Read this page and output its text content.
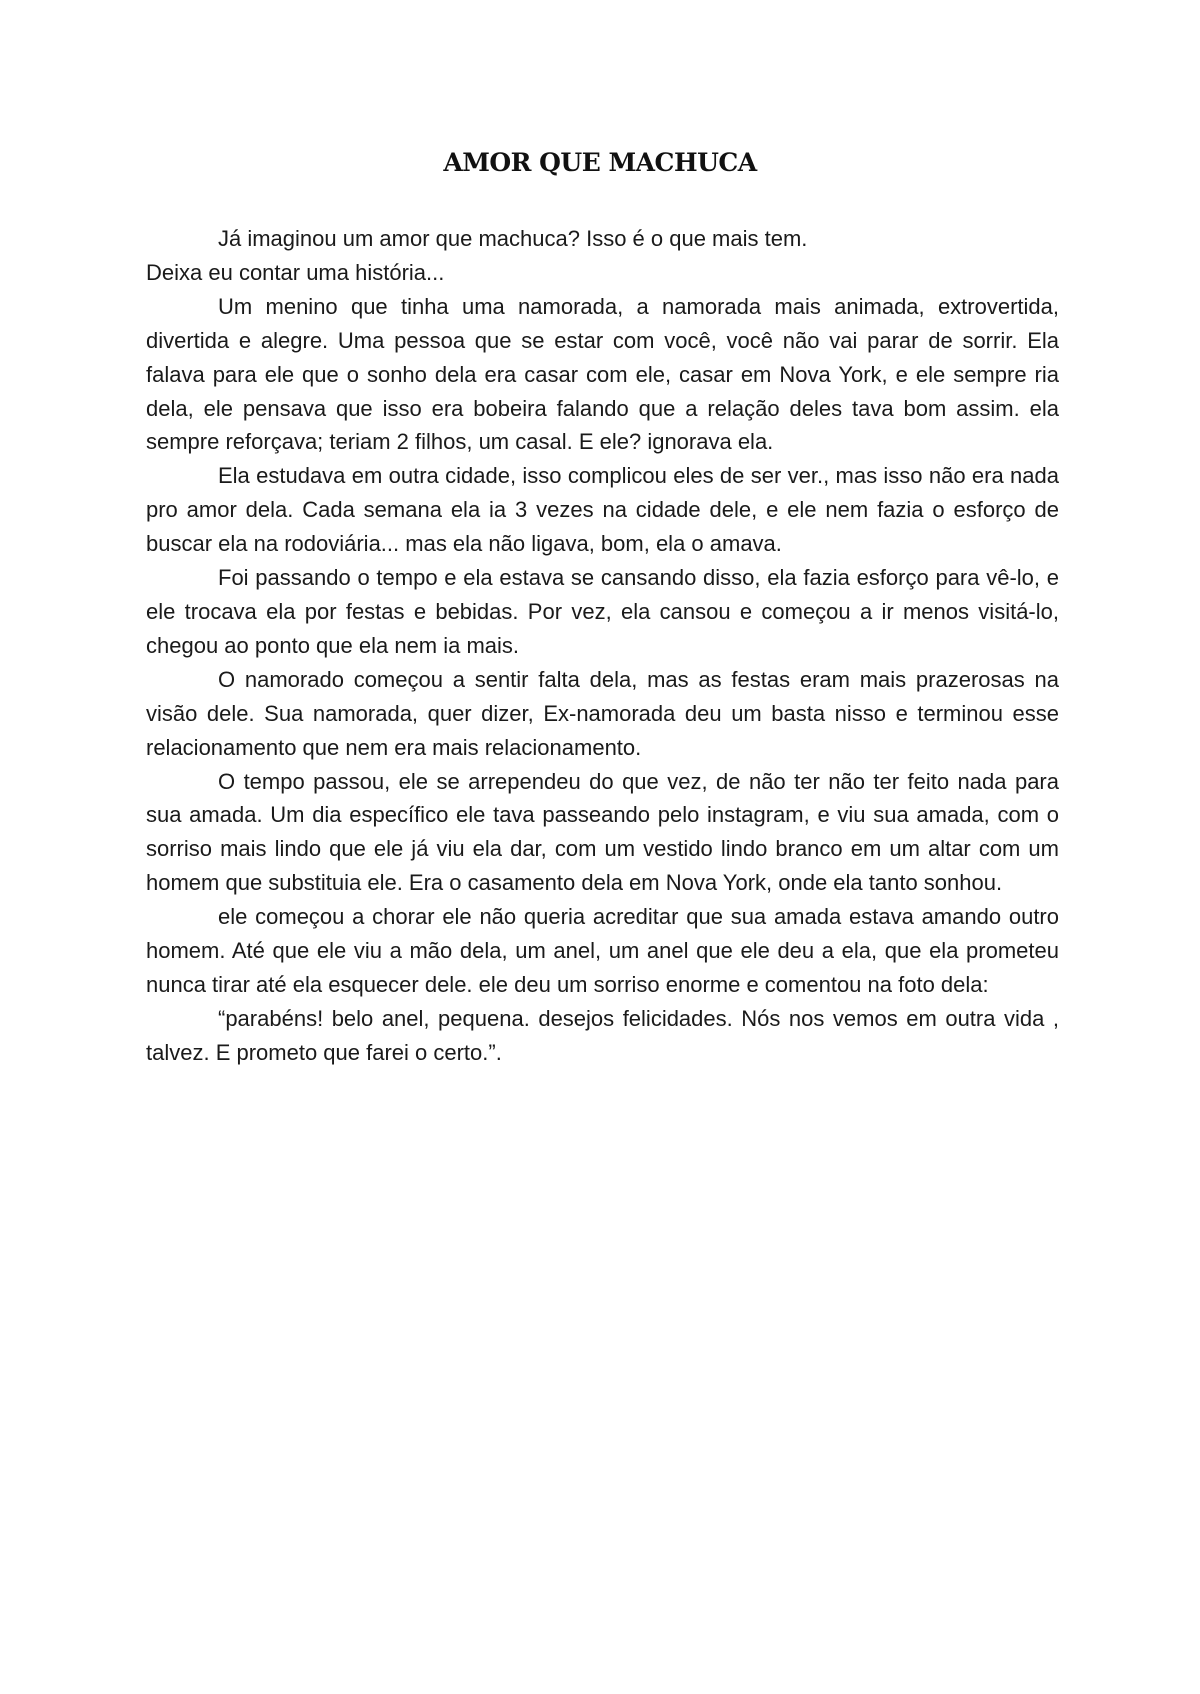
AMOR QUE MACHUCA

Já imaginou um amor que machuca? Isso é o que mais tem.

Deixa eu contar uma história...

Um menino que tinha uma namorada, a namorada mais animada, extrovertida, divertida e alegre. Uma pessoa que se estar com você, você não vai parar de sorrir. Ela falava para ele que o sonho dela era casar com ele, casar em Nova York, e ele sempre ria dela, ele pensava que isso era bobeira falando que a relação deles tava bom assim. ela sempre reforçava; teriam 2 filhos, um casal. E ele? ignorava ela.

Ela estudava em outra cidade, isso complicou eles de ser ver., mas isso não era nada pro amor dela. Cada semana ela ia 3 vezes na cidade dele, e ele nem fazia o esforço de buscar ela na rodoviária... mas ela não ligava, bom, ela o amava.

Foi passando o tempo e ela estava se cansando disso, ela fazia esforço para vê-lo, e ele trocava ela por festas e bebidas. Por vez, ela cansou e começou a ir menos visitá-lo, chegou ao ponto que ela nem ia mais.

O namorado começou a sentir falta dela, mas as festas eram mais prazerosas na visão dele. Sua namorada, quer dizer, Ex-namorada deu um basta nisso e terminou esse relacionamento que nem era mais relacionamento.

O tempo passou, ele se arrependeu do que vez, de não ter não ter feito nada para sua amada. Um dia específico ele tava passeando pelo instagram, e viu sua amada, com o sorriso mais lindo que ele já viu ela dar, com um vestido lindo branco em um altar com um homem que substituia ele. Era o casamento dela em Nova York, onde ela tanto sonhou.

ele começou a chorar ele não queria acreditar que sua amada estava amando outro homem. Até que ele viu a mão dela, um anel, um anel que ele deu a ela, que ela prometeu nunca tirar até ela esquecer dele. ele deu um sorriso enorme e comentou na foto dela:

“parabéns! belo anel, pequena. desejos felicidades. Nós nos vemos em outra vida , talvez. E prometo que farei o certo.”.
